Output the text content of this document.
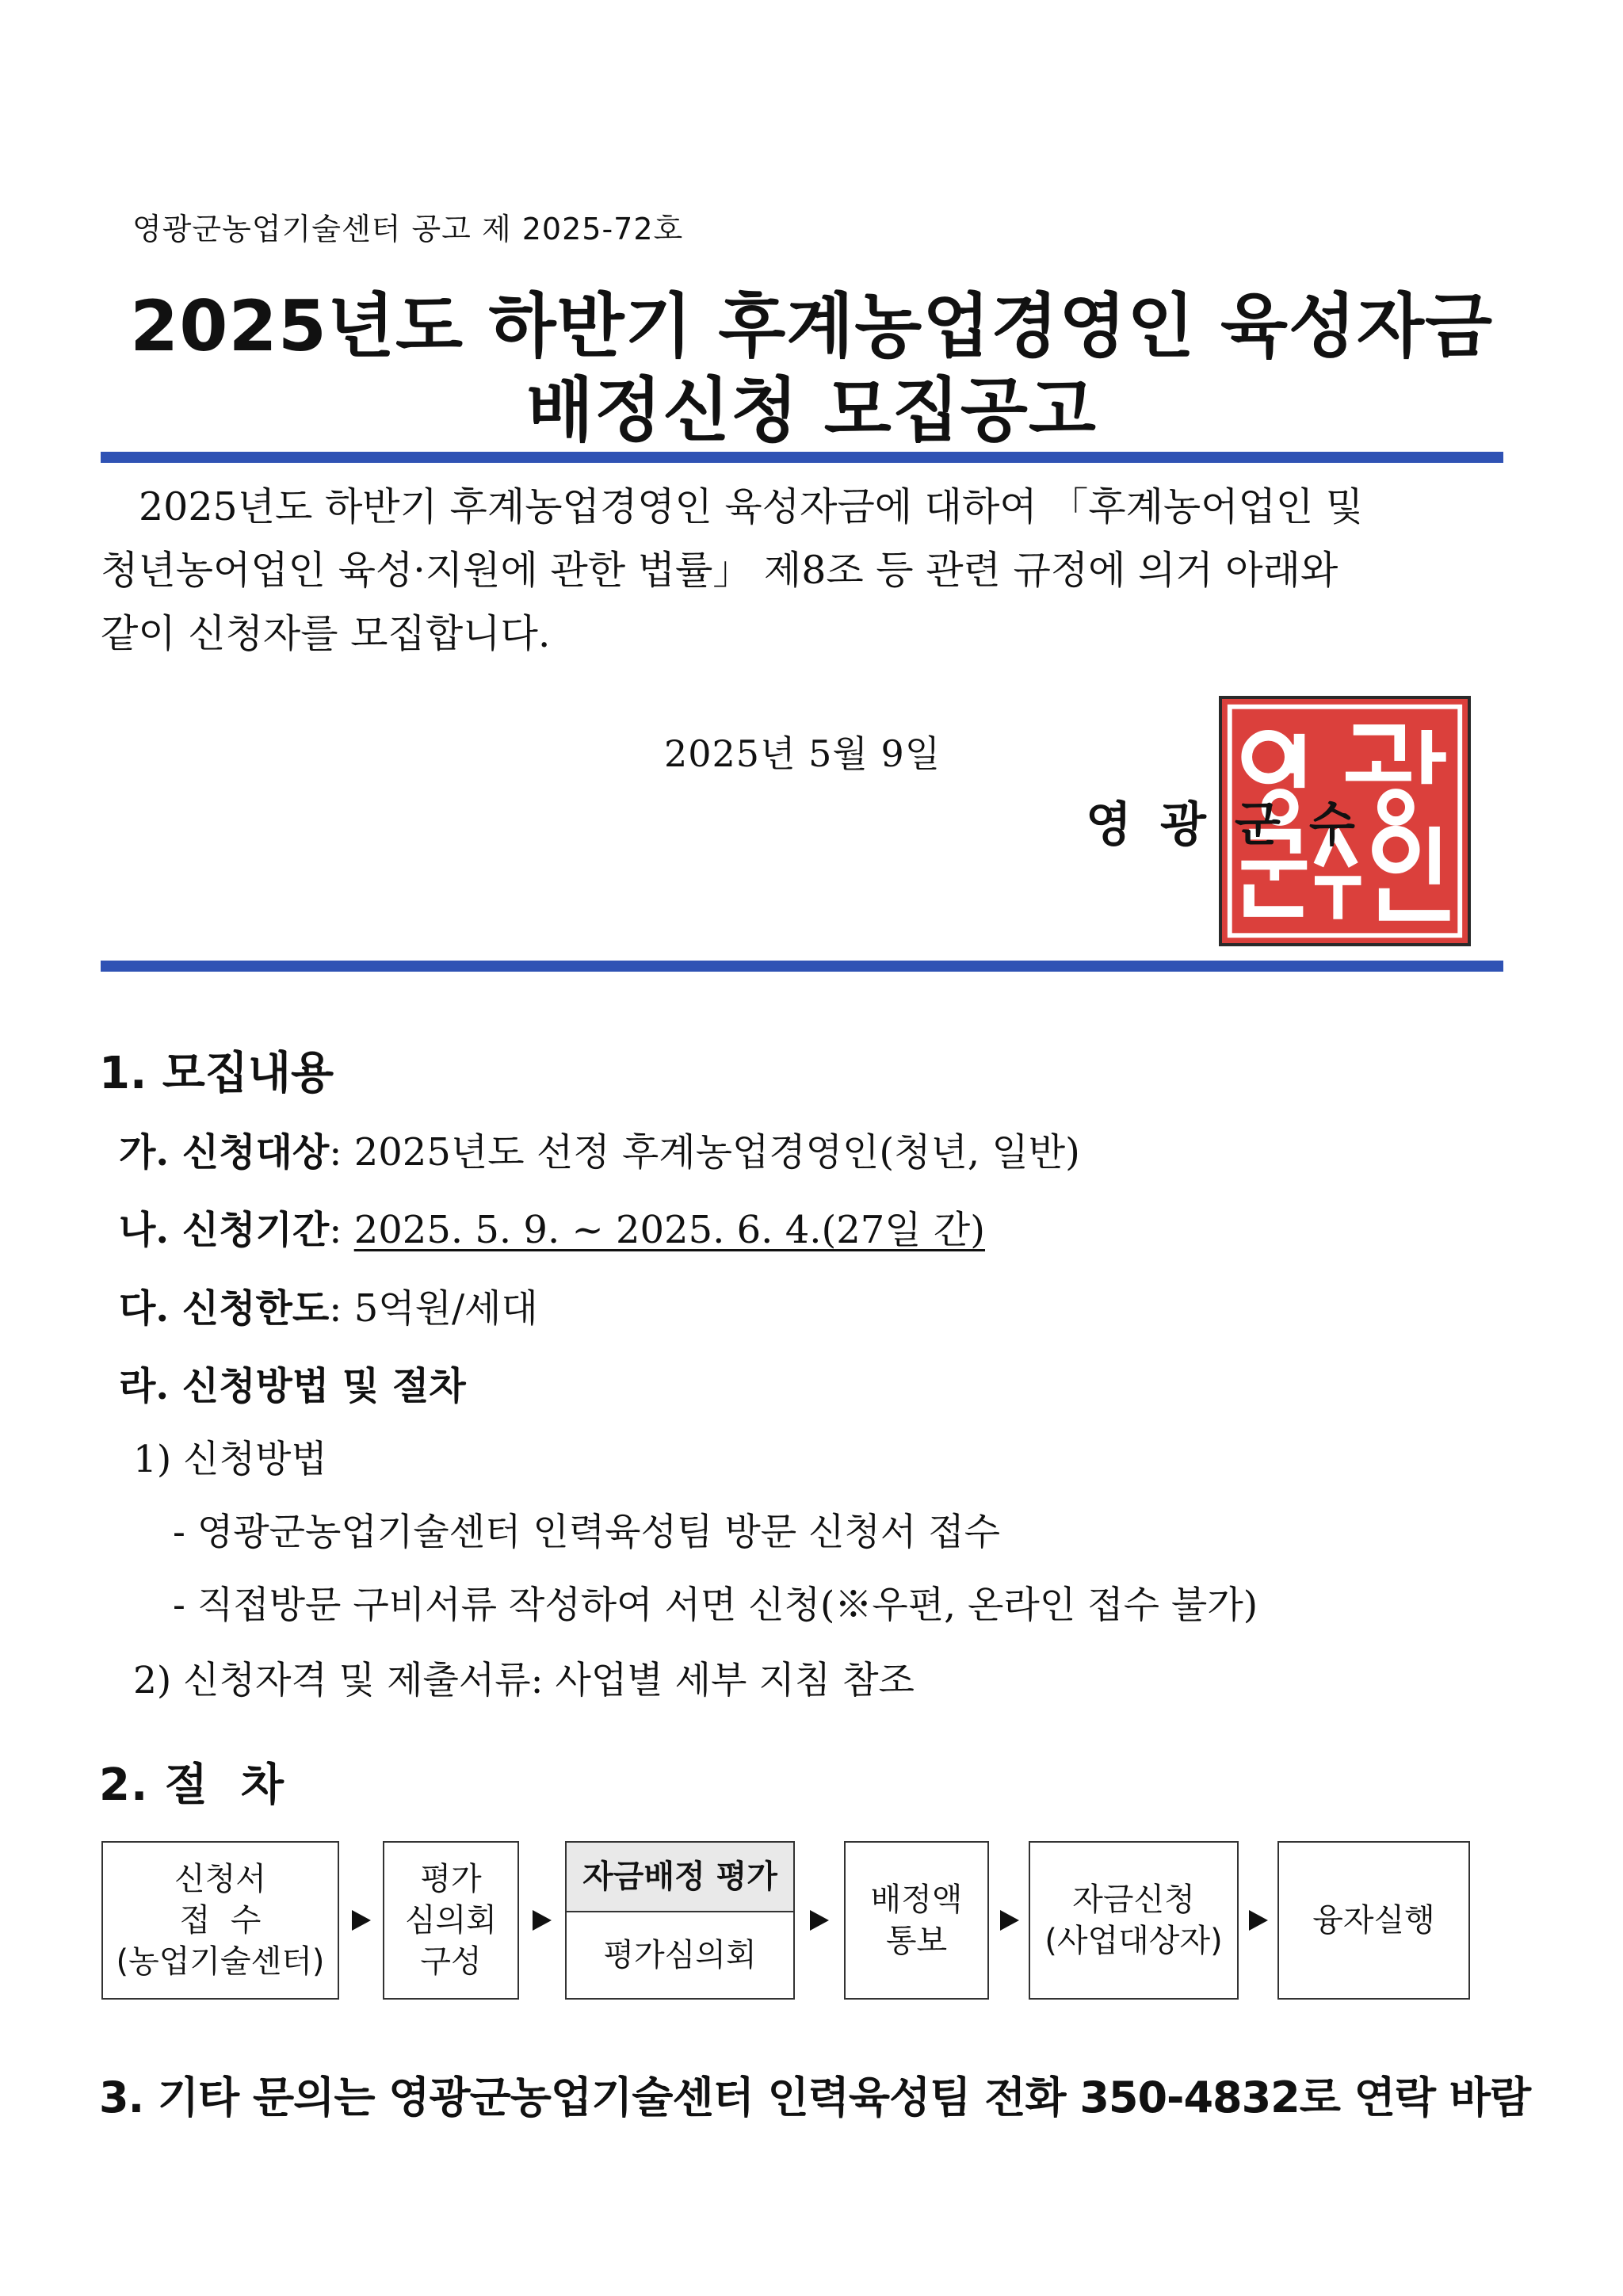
영광군농업기술센터 공고 제 2025-72호
2025년도 하반기 후계농업경영인 육성자금
배정신청 모집공고
2025년도 하반기 후계농업경영인 육성자금에 대하여 「후계농어업인 및
청년농어업인 육성·지원에 관한 법률」 제8조 등 관련 규정에 의거 아래와
같이 신청자를 모집합니다.
2025년 5월 9일
영광군수
1. 모집내용
가. 신청대상: 2025년도 선정 후계농업경영인(청년, 일반)
나. 신청기간: 2025. 5. 9. ~ 2025. 6. 4.(27일 간)
다. 신청한도: 5억원/세대
라. 신청방법 및 절차
1) 신청방법
- 영광군농업기술센터 인력육성팀 방문 신청서 접수
- 직접방문 구비서류 작성하여 서면 신청(※우편, 온라인 접수 불가)
2) 신청자격 및 제출서류: 사업별 세부 지침 참조
2. 절  차
신청서
접  수
(농업기술센터)
평가
심의회
구성
자금배정 평가
평가심의회
배정액
통보
자금신청
(사업대상자)
융자실행
3. 기타 문의는 영광군농업기술센터 인력육성팀 전화 350-4832로 연락 바람
